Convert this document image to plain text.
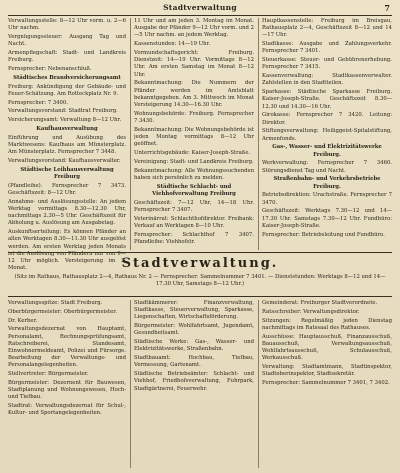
Stadtverwaltung	7

Verwaltungsstelle: 8—12 Uhr vorm. u. 2—6 Uhr nachm.

Vergnügungssteuer: Ausgang Tag und Nacht.

Armenpflegschaft: Stadt- und Landkreis Freiburg.

Fernsprecher: Nebenanschluß.

Städtisches Brandversicherungsamt

Freiburg: Ankündigung der Gebäude- und Feuer-Schätzung. Am Rotteckplatz Nr. 9.

Fernsprecher: 7 3400.

Verwaltungsvorstand: Stadtrat Freiburg.

Versicherungsamt: Verwaltung 8—12 Uhr.

Kaufhausverwaltung

Einführung und Ausübung des Marktwesens: Kaufhaus am Münsterplatz. Am Münsterplatz. Fernsprecher 7 3448.

Verwaltungsvorstand: Kaufhausverwalter.

Städtische Leihhausverwaltung Freiburg

(Pfandleihe). Fernsprecher 7 3473. Geschäftszeit: 8—12 Uhr.

Annahme- und Auslösungsstelle: An jedem Werktag vormittags 8.30—12.30 Uhr, nachmittags 2.30—5 Uhr. Geschäftszeit für Abholung u. Auslösung am Ausgabetag.

Auskunftserteilung: Es können Pfänder an allen Werktagen 8.30—11.30 Uhr ausgelöst werden. Am ersten Werktag jeden Monats ist die Auslösung von Pfändern nur von 9—12 Uhr möglich. Versteigerung im 2. Monat.

11 Uhr und am jeden 3. Montag im Monat. Ausgabe der Pfänder 9—12 Uhr vorm. und 2—5 Uhr nachm. an jedem Werktag.

Kassenstunden: 14—19 Uhr.

Vormundschaftsgericht: Freiburg. Dienstzeit: 14—19 Uhr. Vormittags 8—12 Uhr. Am ersten Samstag im Monat 8—12 Uhr.

Bekanntmachung: Die Nummern der Pfänder werden im Amtsblatt bekanntgegeben. Am 3. Mittwoch im Monat Versteigerung 14.30—16.30 Uhr.

Wohnungsbehörde: Freiburg. Fernsprecher 7 3430.

Bekanntmachung: Die Wohnungsbehörde ist jeden Montag vormittags 8—12 Uhr geöffnet.

Unterrichtsgebäude: Kaiser-Joseph-Straße.

Vereinigung: Stadt- und Landkreis Freiburg.

Bekanntmachung: Alle Wohnungssuchenden haben sich persönlich zu melden.

Städtische Schlacht- und Viehhofverwaltung Freiburg

Geschäftszeit: 7—12 Uhr, 14—18 Uhr. Fernsprecher 7 3407.

Veterinärrat: Schlachthofdirektor. Freibank: Verkauf an Werktagen 8—10 Uhr.

Fernsprecher: Schlachthof 7 3407. Pfandleihe: Viehhofstr.

Hauptkassenstelle: Freiburg im Breisgau, Rathausplatz 2—4, Geschäftszeit 8—12 und 14—17 Uhr.

Stadtkasse: Ausgabe und Zahlungsverkehr. Fernsprecher 7 3401.

Steuerkasse: Steuer- und Gebührenerhebung. Fernsprecher 7 3415.

Kassenverwaltung: Stadtkassenverwalter. Zahlstellen in den Stadtteilen.

Sparkasse: Städtische Sparkasse Freiburg. Kaiser-Joseph-Straße. Geschäftszeit 8.30—12.30 und 14.30—16 Uhr.

Girokasse: Fernsprecher 7 3420. Leitung: Direktor.

Stiftungsverwaltung: Heiliggeist-Spitalstiftung, Armenfonds.

Gas-, Wasser- und Elektrizitätswerke Freiburg.

Werkverwaltung: Fernsprecher 7 3460. Störungsdienst Tag und Nacht.

Straßenbahn- und Verkehrsbetriebe Freiburg.

Betriebsdirektion: Urachstraße. Fernsprecher 7 3470.

Geschäftszeit: Werktags 7.30—12 und 14—17.30 Uhr. Samstags 7.30—12 Uhr. Fundbüro: Kaiser-Joseph-Straße.

Fernsprecher: Betriebsleitung und Fundbüro.

Stadtverwaltung.
(Sitz im Rathaus, Rathausplatz 2—4, Rathaus Nr. 2 — Fernsprecher: Sammelnummer 7 3401. — Dienststunden: Werktags 8—12 und 14—17.30 Uhr, Samstags 8—12 Uhr.)

Verwaltungsspitze: Stadt Freiburg.

Oberbürgermeister: Oberbürgermeister.

Dr. Kerber.

Verwaltungsdezernat von Hauptamt, Personalamt, Rechnungsprüfungsamt, Ratschreiberei, Standesamt, Einwohnermeldeamt, Polizei und Fürsorge. Bearbeitung der Verwaltungs- und Personalangelegenheiten.

Stellvertreter: Bürgermeister.

Bürgermeister: Dezernent für Bauwesen, Stadtplanung und Wohnungswesen, Hoch- und Tiefbau.

Stadtrat: Verwaltungsdezernat für Schul-, Kultur- und Sportangelegenheiten.

Stadtkämmerer: Finanzverwaltung, Stadtkasse, Steuerverwaltung, Sparkasse, Liegenschaften, Wirtschaftsförderung.

Bürgermeister: Wohlfahrtsamt, Jugendamt, Gesundheitsamt.

Städtische Werke: Gas-, Wasser- und Elektrizitätswerke, Straßenbahn.

Stadtbauamt: Hochbau, Tiefbau, Vermessung, Gartenamt.

Städtische Betriebsämter: Schlacht- und Viehhof, Friedhofsverwaltung, Fuhrpark, Stadtgärtnerei, Feuerwehr.

Gemeinderat: Freiburger Stadtverordnete.

Ratsschreiber: Verwaltungsdirektor.

Sitzungen: Regelmäßig jeden Dienstag nachmittags im Ratssaal des Rathauses.

Ausschüsse: Hauptausschuß, Finanzausschuß, Bauausschuß, Verwaltungsausschuß, Wohlfahrtsausschuß, Schulausschuß, Werkausschuß.

Verwaltung: Stadtamtmann, Stadtinspektor, Stadtoberinspektor, Stadtsekretär.

Fernsprecher: Sammelnummer 7 3401, 7 3402.
